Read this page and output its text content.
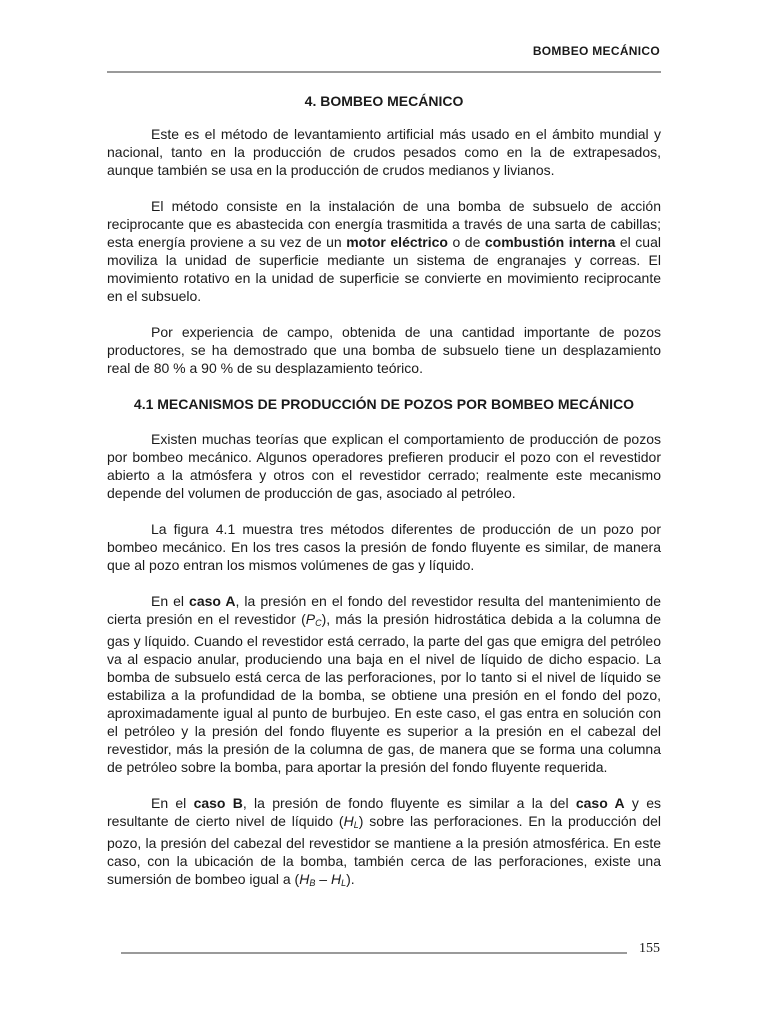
BOMBEO MECÁNICO
4. BOMBEO MECÁNICO

Este es el método de levantamiento artificial más usado en el ámbito mundial y nacional, tanto en la producción de crudos pesados como en la de extrapesados, aunque también se usa en la producción de crudos medianos y livianos.

El método consiste en la instalación de una bomba de subsuelo de acción reciprocante que es abastecida con energía trasmitida a través de una sarta de cabillas; esta energía proviene a su vez de un motor eléctrico o de combustión interna el cual moviliza la unidad de superficie mediante un sistema de engranajes y correas. El movimiento rotativo en la unidad de superficie se convierte en movimiento reciprocante en el subsuelo.

Por experiencia de campo, obtenida de una cantidad importante de pozos productores, se ha demostrado que una bomba de subsuelo tiene un desplazamiento real de 80 % a 90 % de su desplazamiento teórico.

4.1 MECANISMOS DE PRODUCCIÓN DE POZOS POR BOMBEO MECÁNICO

Existen muchas teorías que explican el comportamiento de producción de pozos por bombeo mecánico. Algunos operadores prefieren producir el pozo con el revestidor abierto a la atmósfera y otros con el revestidor cerrado; realmente este mecanismo depende del volumen de producción de gas, asociado al petróleo.

La figura 4.1 muestra tres métodos diferentes de producción de un pozo por bombeo mecánico. En los tres casos la presión de fondo fluyente es similar, de manera que al pozo entran los mismos volúmenes de gas y líquido.

En el caso A, la presión en el fondo del revestidor resulta del mantenimiento de cierta presión en el revestidor $(P_C)$, más la presión hidrostática debida a la columna de gas y líquido. Cuando el revestidor está cerrado, la parte del gas que emigra del petróleo va al espacio anular, produciendo una baja en el nivel de líquido de dicho espacio. La bomba de subsuelo está cerca de las perforaciones, por lo tanto si el nivel de líquido se estabiliza a la profundidad de la bomba, se obtiene una presión en el fondo del pozo, aproximadamente igual al punto de burbujeo. En este caso, el gas entra en solución con el petróleo y la presión del fondo fluyente es superior a la presión en el cabezal del revestidor, más la presión de la columna de gas, de manera que se forma una columna de petróleo sobre la bomba, para aportar la presión del fondo fluyente requerida.

En el caso B, la presión de fondo fluyente es similar a la del caso A y es resultante de cierto nivel de líquido $(H_L)$ sobre las perforaciones. En la producción del pozo, la presión del cabezal del revestidor se mantiene a la presión atmosférica. En este caso, con la ubicación de la bomba, también cerca de las perforaciones, existe una sumersión de bombeo igual a $(H_B - H_L)$.

155
